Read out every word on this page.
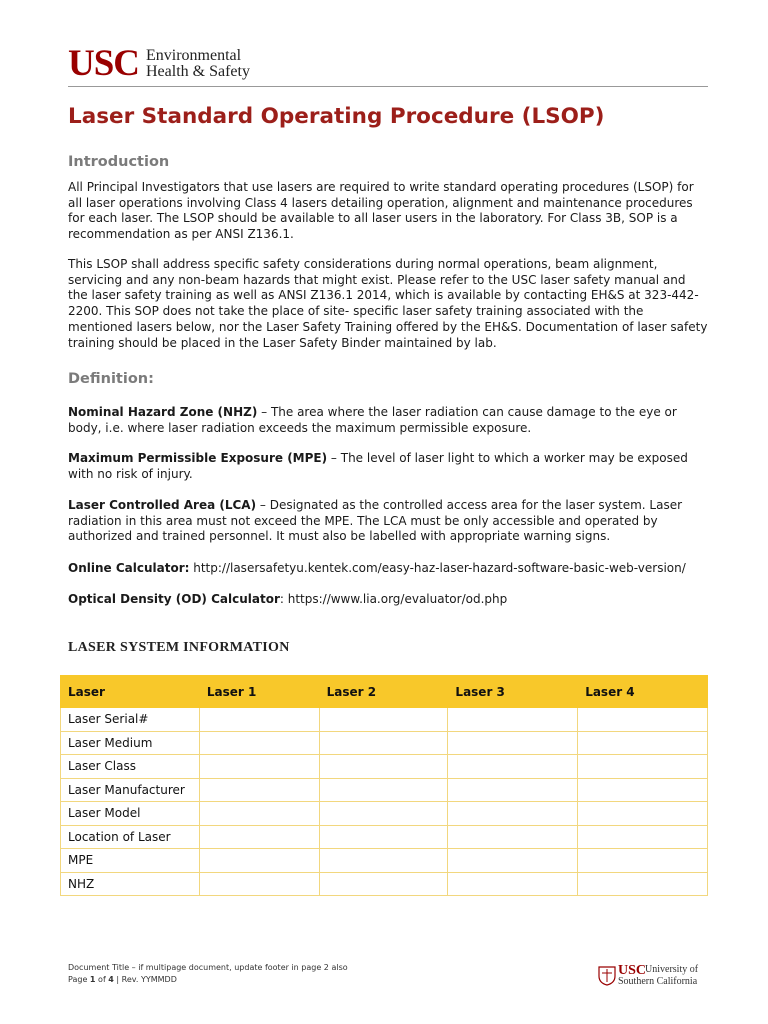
USC Environmental
Health & Safety
Laser Standard Operating Procedure (LSOP)
Introduction

All Principal Investigators that use lasers are required to write standard operating procedures (LSOP) for all laser operations involving Class 4 lasers detailing operation, alignment and maintenance procedures for each laser. The LSOP should be available to all laser users in the laboratory. For Class 3B, SOP is a recommendation as per ANSI Z136.1.

This LSOP shall address specific safety considerations during normal operations, beam alignment, servicing and any non-beam hazards that might exist. Please refer to the USC laser safety manual and the laser safety training as well as ANSI Z136.1 2014, which is available by contacting EH&S at 323-442-2200. This SOP does not take the place of site- specific laser safety training associated with the mentioned lasers below, nor the Laser Safety Training offered by the EH&S. Documentation of laser safety training should be placed in the Laser Safety Binder maintained by lab.

Definition:

Nominal Hazard Zone (NHZ) – The area where the laser radiation can cause damage to the eye or body, i.e. where laser radiation exceeds the maximum permissible exposure.

Maximum Permissible Exposure (MPE) – The level of laser light to which a worker may be exposed with no risk of injury.

Laser Controlled Area (LCA) – Designated as the controlled access area for the laser system. Laser radiation in this area must not exceed the MPE. The LCA must be only accessible and operated by authorized and trained personnel. It must also be labelled with appropriate warning signs.

Online Calculator: http://lasersafetyu.kentek.com/easy-haz-laser-hazard-software-basic-web-version/

Optical Density (OD) Calculator: https://www.lia.org/evaluator/od.php

LASER SYSTEM INFORMATION
Laser	Laser 1	Laser 2	Laser 3	Laser 4
Laser Serial#				
Laser Medium				
Laser Class				
Laser Manufacturer				
Laser Model				
Location of Laser				
MPE				
NHZ				
Document Title – if multipage document, update footer in page 2 also
Page 1 of 4 | Rev. YYMMDD
USC
University of
Southern California
